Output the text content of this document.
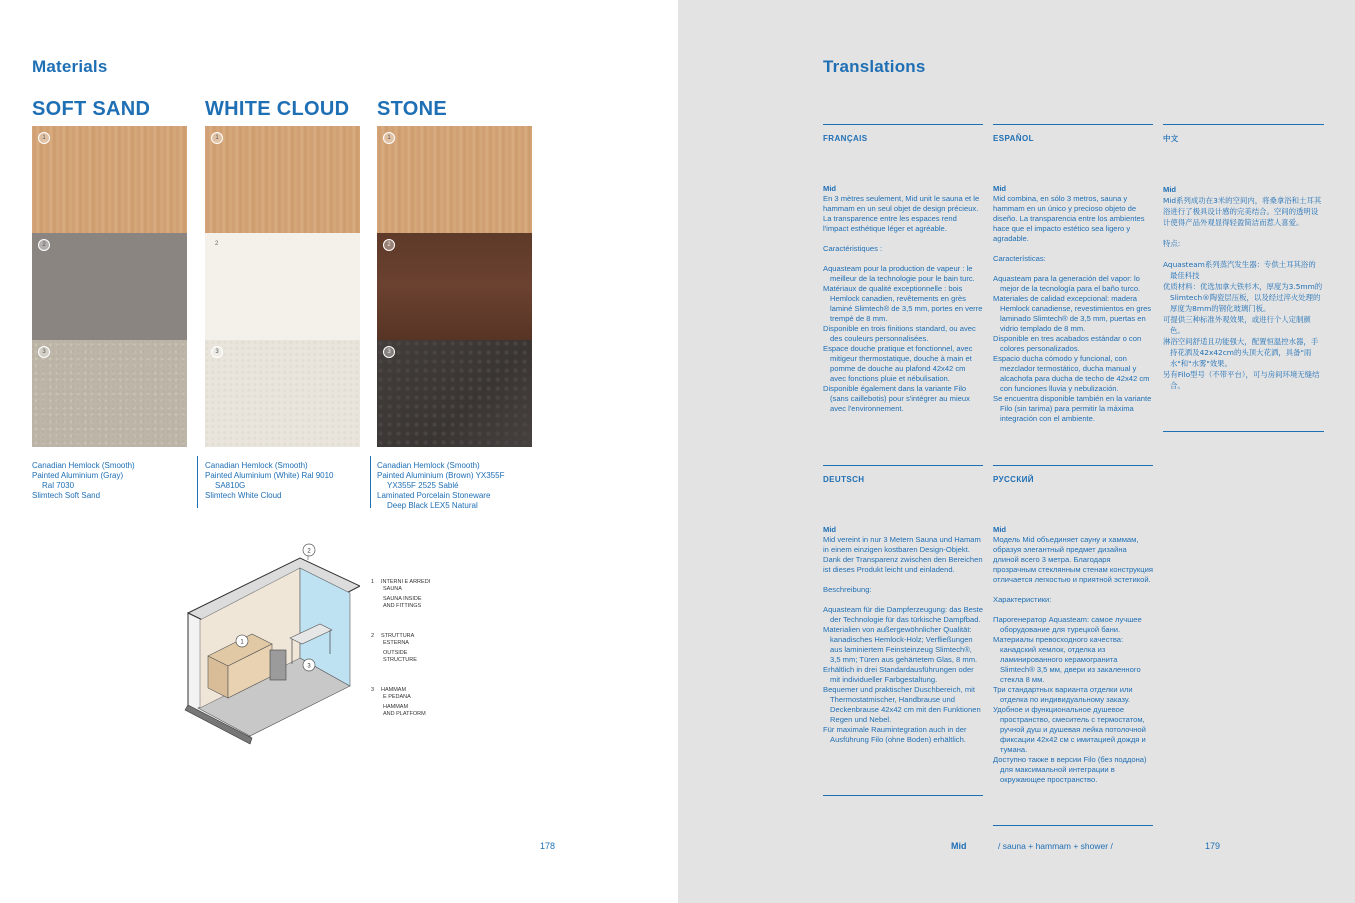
Materials
SOFT SAND
1
2
3
Canadian Hemlock (Smooth)
Painted Aluminium (Gray)
Ral 7030
Slimtech Soft Sand
WHITE CLOUD
1
2
3
Canadian Hemlock (Smooth)
Painted Aluminium (White) Ral 9010
SA810G
Slimtech White Cloud
STONE
1
2
3
Canadian Hemlock (Smooth)
Painted Aluminium (Brown) YX355F
YX355F 2525 Sablé
Laminated Porcelain Stoneware
Deep Black LEX5 Natural
2
1
3
1 INTERNI E ARREDI
SAUNA
SAUNA INSIDE
AND FITTINGS
2 STRUTTURA
ESTERNA
OUTSIDE
STRUCTURE
3 HAMMAM
E PEDANA
HAMMAM
AND PLATFORM
178
Translations
FRANÇAIS	ESPAÑOL	中文
Mid
En 3 mètres seulement, Mid unit le sauna et le hammam en un seul objet de design précieux. La transparence entre les espaces rend l'impact esthétique léger et agréable.
Caractéristiques :
Aquasteam pour la production de vapeur : le meilleur de la technologie pour le bain turc.
Matériaux de qualité exceptionnelle : bois Hemlock canadien, revêtements en grès laminé Slimtech® de 3,5 mm, portes en verre trempé de 8 mm.
Disponible en trois finitions standard, ou avec des couleurs personnalisées.
Espace douche pratique et fonctionnel, avec mitigeur thermostatique, douche à main et pomme de douche au plafond 42x42 cm avec fonctions pluie et nébulisation.
Disponible également dans la variante Filo (sans caillebotis) pour s'intégrer au mieux avec l'environnement.
Mid
Mid combina, en sólo 3 metros, sauna y hammam en un único y precioso objeto de diseño. La transparencia entre los ambientes hace que el impacto estético sea ligero y agradable.
Características:
Aquasteam para la generación del vapor: lo mejor de la tecnología para el baño turco.
Materiales de calidad excepcional: madera Hemlock canadiense, revestimientos en gres laminado Slimtech® de 3,5 mm, puertas en vidrio templado de 8 mm.
Disponible en tres acabados estándar o con colores personalizados.
Espacio ducha cómodo y funcional, con mezclador termostático, ducha manual y alcachofa para ducha de techo de 42x42 cm con funciones lluvia y nebulización.
Se encuentra disponible también en la variante Filo (sin tarima) para permitir la máxima integración con el ambiente.
Mid
Mid系列成功在3米的空间内，将桑拿浴和土耳其浴进行了极具设计感的完美结合。空间的透明设计使得产品外观显得轻盈简洁而惹人喜爱。
特点:
Aquasteam系列蒸汽发生器：专供土耳其浴的最佳科技
优质材料：优选加拿大铁杉木，厚度为3.5mm的Slimtech®陶瓷层压板，以及经过淬火处理的厚度为8mm的钢化玻璃门板。
可提供三种标准外观效果，或进行个人定制颜色。
淋浴空间舒适且功能强大，配置恒温控水器，手持花洒及42x42cm的头顶大花洒，具备"雨水"和"水雾"效果。
另有Filo型号（不带平台），可与房间环境无缝结合。
DEUTSCH	РУССКИЙ
Mid
Mid vereint in nur 3 Metern Sauna und Hamam in einem einzigen kostbaren Design-Objekt. Dank der Transparenz zwischen den Bereichen ist dieses Produkt leicht und einladend.
Beschreibung:
Aquasteam für die Dampferzeugung: das Beste der Technologie für das türkische Dampfbad.
Materialien von außergewöhnlicher Qualität: kanadisches Hemlock-Holz; Verfließungen aus laminiertem Feinsteinzeug Slimtech®, 3,5 mm; Türen aus gehärtetem Glas, 8 mm.
Erhältlich in drei Standardausführungen oder mit individueller Farbgestaltung.
Bequemer und praktischer Duschbereich, mit Thermostatmischer, Handbrause und Deckenbrause 42x42 cm mit den Funktionen Regen und Nebel.
Für maximale Raumintegration auch in der Ausführung Filo (ohne Boden) erhältlich.
Mid
Модель Mid объединяет сауну и хаммам, образуя элегантный предмет дизайна длиной всего 3 метра. Благодаря прозрачным стеклянным стенам конструкция отличается легкостью и приятной эстетикой.
Характеристики:
Парогенератор Aquasteam: самое лучшее оборудование для турецкой бани.
Материалы превосходного качества: канадский хемлок, отделка из ламинированного керамогранита Slimtech® 3,5 мм, двери из закаленного стекла 8 мм.
Три стандартных варианта отделки или отделка по индивидуальному заказу.
Удобное и функциональное душевое пространство, смеситель с термостатом, ручной душ и душевая лейка потолочной фиксации 42x42 см с имитацией дождя и тумана.
Доступно также в версии Filo (без поддона) для максимальной интеграции в окружающее пространство.
Mid	/ sauna + hammam + shower /	179
